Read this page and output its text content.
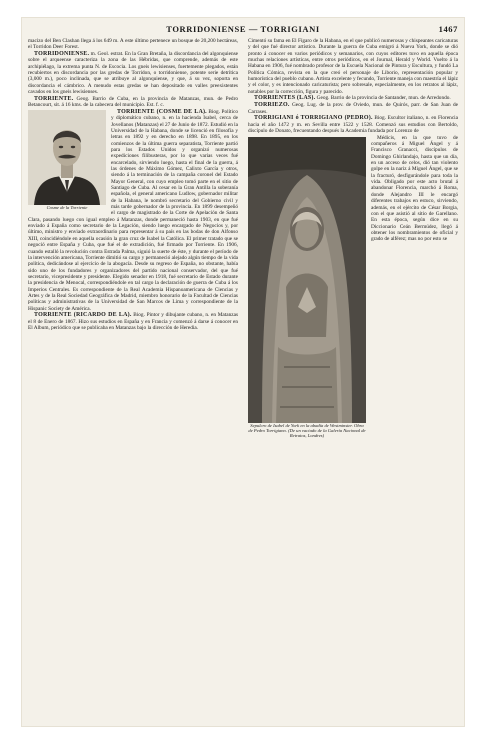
TORRIDONIENSE — TORRIGIANI	1467

macizo del Ben Clashan llega á los 649 m. Á este último pertenece un bosque de 20,200 hectáreas, el Torridon Deer Forest.

TORRIDONIENSE. m. Geol. estrat. En la Gran Bretaña, la discordancia del algonquiense sobre el arqueense caracteriza la zona de las Hébridas, que comprende, además de este archipiélago, la extrema punta N. de Escocia. Los gneis lewisienses, fuertemente plegados, están recubiertos en discordancia por las gredas de Torridon, o torridoniense, potente serie detrítica (3,000 m.), poco inclinada, que se atribuye al algonquiense, y que, á su vez, soporta en discordancia el cámbrico. A menudo estas gredas se han depositado en valles preexistentes cavados en los gneis lewisienses.

TORRIENTE. Geog. Barrio de Cuba, en la provincia de Matanzas, mun. de Pedro Betancourt, sit. á 16 kms. de la cabecera del municipio. Est. f. c.

Cosme de la Torriente

TORRIENTE (COSME DE LA). Biog. Político y diplomático cubano, n. en la hacienda Isabel, cerca de Jovellanos (Matanzas) el 27 de Junio de 1872. Estudió en la Universidad de la Habana, donde se licenció en filosofía y letras en 1892 y en derecho en 1898. En 1895, en los comienzos de la última guerra separatista, Torriente partió para los Estados Unidos y organizó numerosas expediciones filibusteras, por lo que varias veces fué encarcelado, sirviendo luego, hasta el final de la guerra, á las órdenes de Máximo Gómez, Calixto García y otros, siendo á la terminación de la campaña coronel del Estado Mayor General, con cuyo empleo tomó parte en el sitio de Santiago de Cuba. Al cesar en la Gran Antilla la soberanía española, el general americano Ludlow, gobernador militar de la Habana, le nombró secretario del Gobierno civil y más tarde gobernador de la provincia. En 1899 desempeñó el cargo de magistrado de la Corte de Apelación de Santa Clara, pasando luego con igual empleo á Matanzas, donde permaneció hasta 1903, en que fué enviado á España como secretario de la Legación, siendo luego encargado de Negocios y, por último, ministro y enviado extraordinario para representar á su país en las bodas de don Alfonso XIII, coincidiéndole en aquella ocasión la gran cruz de Isabel la Católica. El primer tratado que se negoció entre España y Cuba, que fué el de extradición, fué firmado por Torriente. En 1906, cuando estalló la revolución contra Estrada Palma, siguió la suerte de éste, y durante el período de la intervención americana, Torriente dimitió su cargo y permaneció alejado algún tiempo de la vida política, dedicándose al ejercicio de la abogacía. Desde su regreso de España, no obstante, había sido uno de los fundadores y organizadores del partido nacional conservador, del que fué secretario, vicepresidente y presidente. Elegido senador en 1918, fué secretario de Estado durante la presidencia de Menocal, correspondiéndole en tal cargo la declaración de guerra de Cuba á los Imperios Centrales. Es correspondiente de la Real Academia Hispanoamericana de Ciencias y Artes y de la Real Sociedad Geográfica de Madrid, miembro honorario de la Facultad de Ciencias políticas y administrativas de la Universidad de San Marcos de Lima y correspondiente de la Hispanic Society de América.

TORRIENTE (RICARDO DE LA). Biog. Pintor y dibujante cubano, n. en Matanzas el 8 de Enero de 1867. Hizo sus estudios en España y en Francia y comenzó á darse á conocer en El Album, periódico que se publicaba en Matanzas bajo la dirección de Heredia.

Cimentó su fama en El Fígaro de la Habana, en el que publicó numerosas y chispeantes caricaturas y del que fué director artístico. Durante la guerra de Cuba emigró á Nueva York, donde se dió pronto á conocer en varios periódicos y semanarios, con cuyos editores tuvo en aquella época muchas relaciones artísticas, entre otros periódicos, en el Journal, Herald y World. Vuelto á la Habana en 1906, fué nombrado profesor de la Escuela Nacional de Pintura y Escultura, y fundó La Política Cómica, revista en la que creó el personaje de Liborio, representación popular y humorística del pueblo cubano. Artista excelente y fecundo, Torriente maneja con maestría el lápiz y el color, y es intencionado caricaturista; pero sobresale, especialmente, en los retratos al lápiz, notables por la corrección, figura y parecido.

TORRIENTES (LAS). Geog. Barrio de la provincia de Santander, mun. de Arredondo.

TORRIEZO. Geog. Lug. de la prov. de Oviedo, mun. de Quirós, parr. de San Juan de Carrases.

TORRIGIANI ó TORRIGIANO (PEDRO). Biog. Escultor italiano, n. en Florencia hacia el año 1472 y m. en Sevilla entre 1522 y 1528. Comenzó sus estudios con Bertoldo, discípulo de Donato, frecuentando después la Academia fundada por Lorenzo de

Sepulcro de Isabel de York en la abadía de Westminster. Obra de Pedro Torrigiano. (De un vaciado de la Galería Nacional de Retratos, Londres)

Médicis, en la que tuvo de compañeros á Miguel Ángel y á Francisco Granacci, discípulos de Domingo Ghirlandajo, hasta que un día, en un acceso de celos, dió tan violento golpe en la nariz á Miguel Ángel, que se la fracturó, desfigurándole para toda la vida. Obligado por este acto brutal á abandonar Florencia, marchó á Roma, donde Alejandro III le encargó diferentes trabajos en estuco, sirviendo, además, en el ejército de César Borgia, con el que asistió al sitio de Garellano. En esta época, según dice en su Diccionario Ceán Bermúdez, llegó á obtener los nombramientos de oficial y grado de alférez; mas no por esto se
